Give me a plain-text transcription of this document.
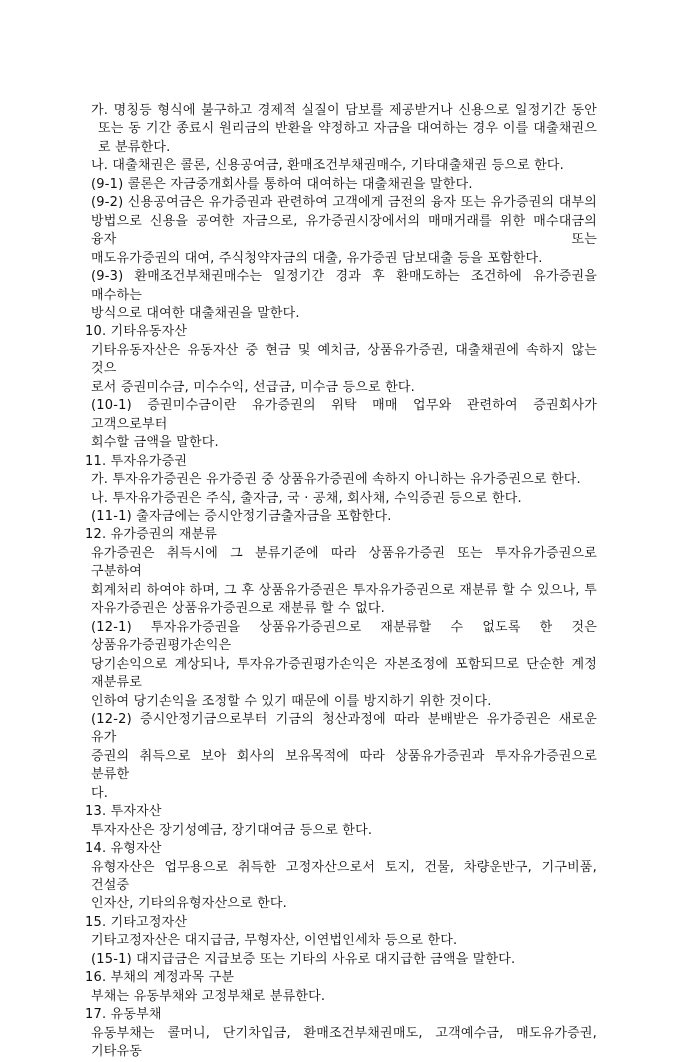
가. 명칭등 형식에 불구하고 경제적 실질이 담보를 제공받거나 신용으로 일정기간 동안
또는 동 기간 종료시 원리금의 반환을 약정하고 자금을 대여하는 경우 이를 대출채권으
로 분류한다.
나. 대출채권은 콜론, 신용공여금, 환매조건부채권매수, 기타대출채권 등으로 한다.
(9-1) 콜론은 자금중개회사를 통하여 대여하는 대출채권을 말한다.
(9-2) 신용공여금은 유가증권과 관련하여 고객에게 금전의 융자 또는 유가증권의 대부의
방법으로 신용을 공여한 자금으로, 유가증권시장에서의 매매거래를 위한 매수대금의 융자 또는
매도유가증권의 대여, 주식청약자금의 대출, 유가증권 담보대출 등을 포함한다.
(9-3) 환매조건부채권매수는 일정기간 경과 후 환매도하는 조건하에 유가증권을 매수하는
방식으로 대여한 대출채권을 말한다.
10. 기타유동자산
기타유동자산은 유동자산 중 현금 및 예치금, 상품유가증권, 대출채권에 속하지 않는 것으
로서 증권미수금, 미수수익, 선급금, 미수금 등으로 한다.
(10-1) 증권미수금이란 유가증권의 위탁 매매 업무와 관련하여 증권회사가 고객으로부터
회수할 금액을 말한다.
11. 투자유가증권
가. 투자유가증권은 유가증권 중 상품유가증권에 속하지 아니하는 유가증권으로 한다.
나. 투자유가증권은 주식, 출자금, 국 · 공채, 회사채, 수익증권 등으로 한다.
(11-1) 출자금에는 증시안정기금출자금을 포함한다.
12. 유가증권의 재분류
유가증권은 취득시에 그 분류기준에 따라 상품유가증권 또는 투자유가증권으로 구분하여
회계처리 하여야 하며, 그 후 상품유가증권은 투자유가증권으로 재분류 할 수 있으나, 투
자유가증권은 상품유가증권으로 재분류 할 수 없다.
(12-1) 투자유가증권을 상품유가증권으로 재분류할 수 없도록 한 것은 상품유가증권평가손익은
당기손익으로 계상되나, 투자유가증권평가손익은 자본조정에 포함되므로 단순한 계정 재분류로
인하여 당기손익을 조정할 수 있기 때문에 이를 방지하기 위한 것이다.
(12-2) 증시안정기금으로부터 기금의 청산과정에 따라 분배받은 유가증권은 새로운 유가
증권의 취득으로 보아 회사의 보유목적에 따라 상품유가증권과 투자유가증권으로 분류한
다.
13. 투자자산
투자자산은 장기성예금, 장기대여금 등으로 한다.
14. 유형자산
유형자산은 업무용으로 취득한 고정자산으로서 토지, 건물, 차량운반구, 기구비품, 건설중
인자산, 기타의유형자산으로 한다.
15. 기타고정자산
기타고정자산은 대지급금, 무형자산, 이연법인세차 등으로 한다.
(15-1) 대지급금은 지급보증 또는 기타의 사유로 대지급한 금액을 말한다.
16. 부채의 계정과목 구분
부채는 유동부채와 고정부채로 분류한다.
17. 유동부채
유동부채는 콜머니, 단기차입금, 환매조건부채권매도, 고객예수금, 매도유가증권, 기타유동
